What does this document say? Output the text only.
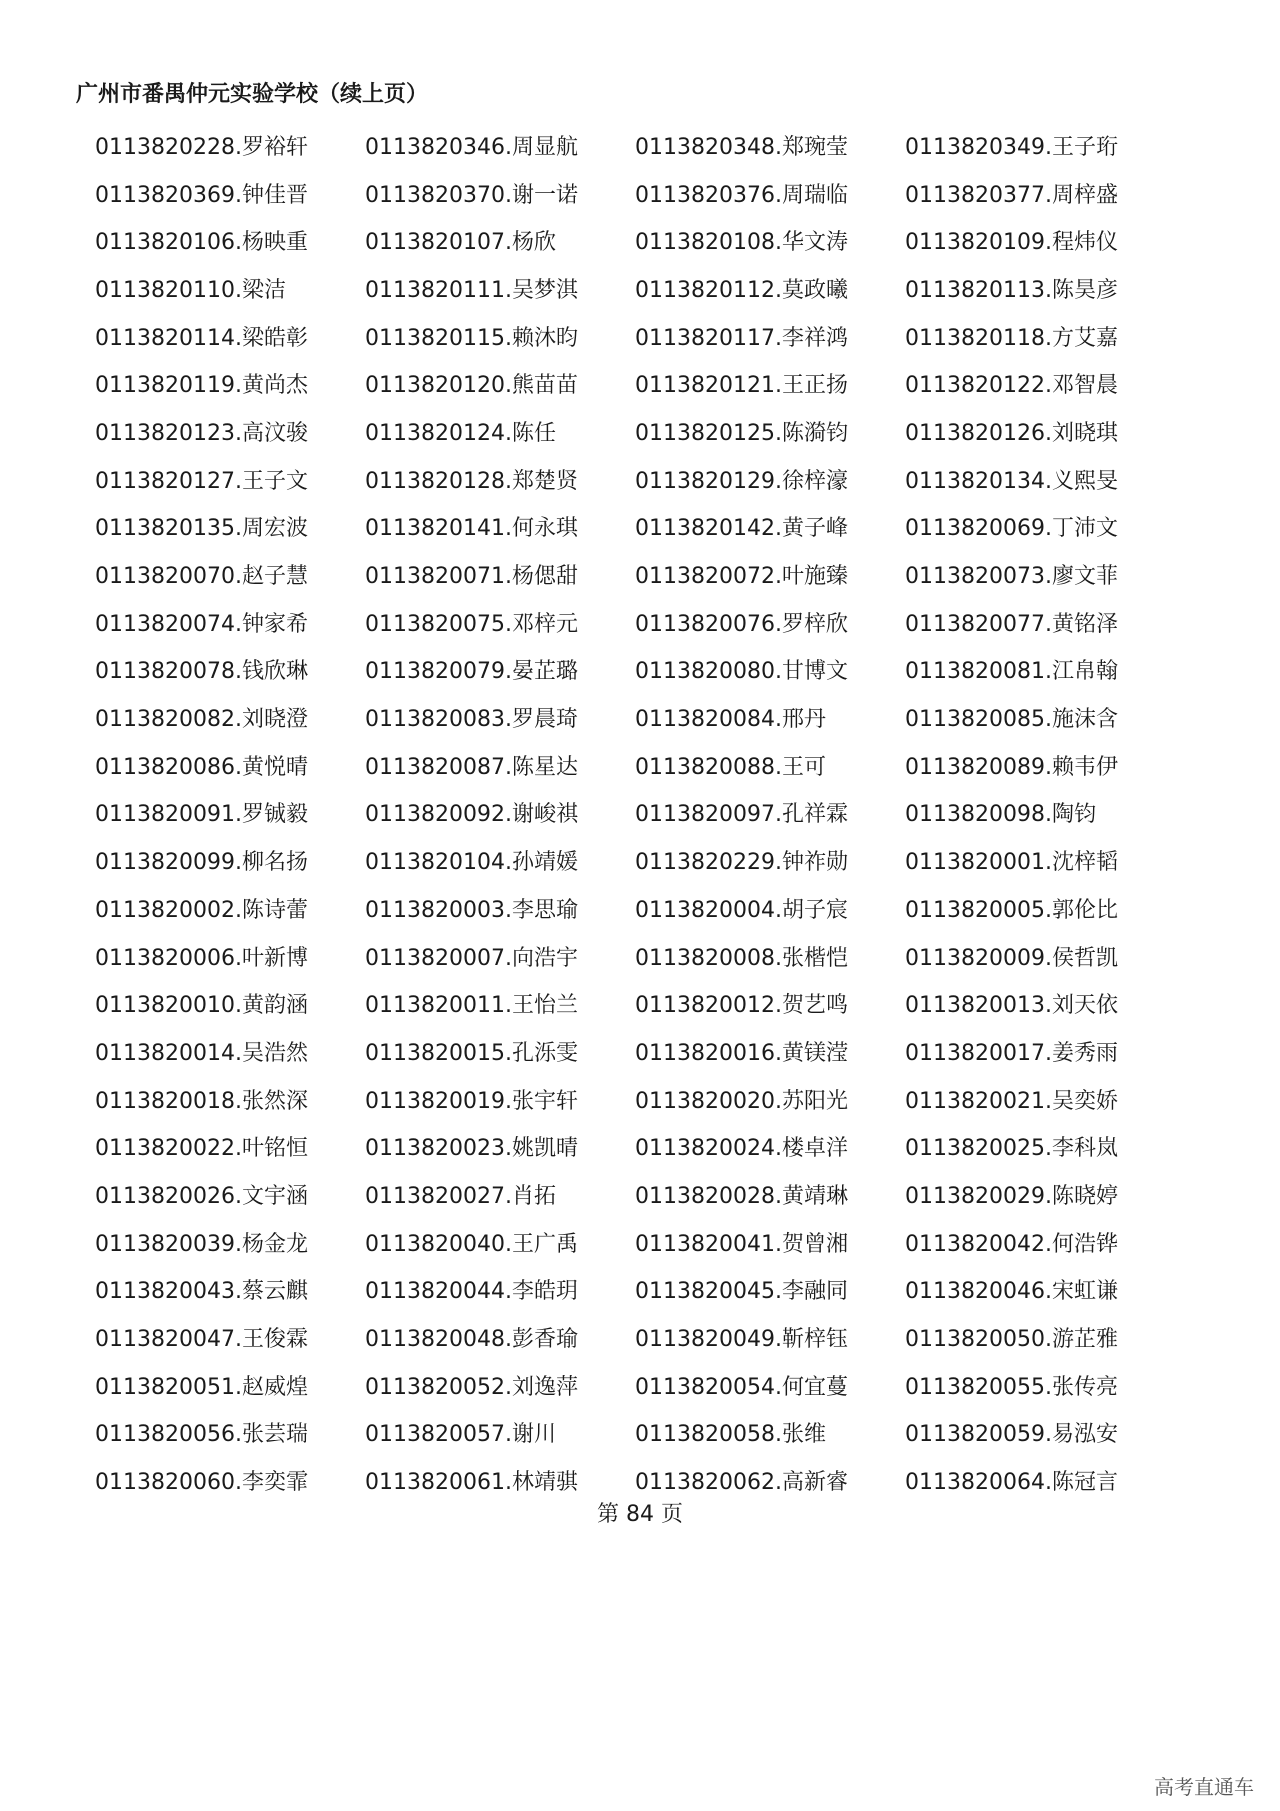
广州市番禺仲元实验学校（续上页）
0113820228.罗裕轩	0113820346.周显航	0113820348.郑琬莹	0113820349.王子珩
0113820369.钟佳晋	0113820370.谢一诺	0113820376.周瑞临	0113820377.周梓盛
0113820106.杨映重	0113820107.杨欣	0113820108.华文涛	0113820109.程炜仪
0113820110.梁洁	0113820111.吴梦淇	0113820112.莫政曦	0113820113.陈昊彦
0113820114.梁皓彰	0113820115.赖沐昀	0113820117.李祥鸿	0113820118.方艾嘉
0113820119.黄尚杰	0113820120.熊苗苗	0113820121.王正扬	0113820122.邓智晨
0113820123.高汶骏	0113820124.陈任	0113820125.陈漪钧	0113820126.刘晓琪
0113820127.王子文	0113820128.郑楚贤	0113820129.徐梓濠	0113820134.义熙旻
0113820135.周宏波	0113820141.何永琪	0113820142.黄子峰	0113820069.丁沛文
0113820070.赵子慧	0113820071.杨偲甜	0113820072.叶施臻	0113820073.廖文菲
0113820074.钟家希	0113820075.邓梓元	0113820076.罗梓欣	0113820077.黄铭泽
0113820078.钱欣琳	0113820079.晏芷璐	0113820080.甘博文	0113820081.江帛翰
0113820082.刘晓澄	0113820083.罗晨琦	0113820084.邢丹	0113820085.施沫含
0113820086.黄悦晴	0113820087.陈星达	0113820088.王可	0113820089.赖韦伊
0113820091.罗铖毅	0113820092.谢峻祺	0113820097.孔祥霖	0113820098.陶钧
0113820099.柳名扬	0113820104.孙靖媛	0113820229.钟祚勋	0113820001.沈梓韬
0113820002.陈诗蕾	0113820003.李思瑜	0113820004.胡子宸	0113820005.郭伦比
0113820006.叶新博	0113820007.向浩宇	0113820008.张楷恺	0113820009.侯哲凯
0113820010.黄韵涵	0113820011.王怡兰	0113820012.贺艺鸣	0113820013.刘天依
0113820014.吴浩然	0113820015.孔泺雯	0113820016.黄镁滢	0113820017.姜秀雨
0113820018.张然深	0113820019.张宇轩	0113820020.苏阳光	0113820021.吴奕娇
0113820022.叶铭恒	0113820023.姚凯晴	0113820024.楼卓洋	0113820025.李科岚
0113820026.文宇涵	0113820027.肖拓	0113820028.黄靖琳	0113820029.陈晓婷
0113820039.杨金龙	0113820040.王广禹	0113820041.贺曾湘	0113820042.何浩铧
0113820043.蔡云麒	0113820044.李皓玥	0113820045.李融同	0113820046.宋虹谦
0113820047.王俊霖	0113820048.彭香瑜	0113820049.靳梓钰	0113820050.游芷雅
0113820051.赵威煌	0113820052.刘逸萍	0113820054.何宜蔓	0113820055.张传亮
0113820056.张芸瑞	0113820057.谢川	0113820058.张维	0113820059.易泓安
0113820060.李奕霏	0113820061.林靖骐	0113820062.高新睿	0113820064.陈冠言
第 84 页
高考直通车
